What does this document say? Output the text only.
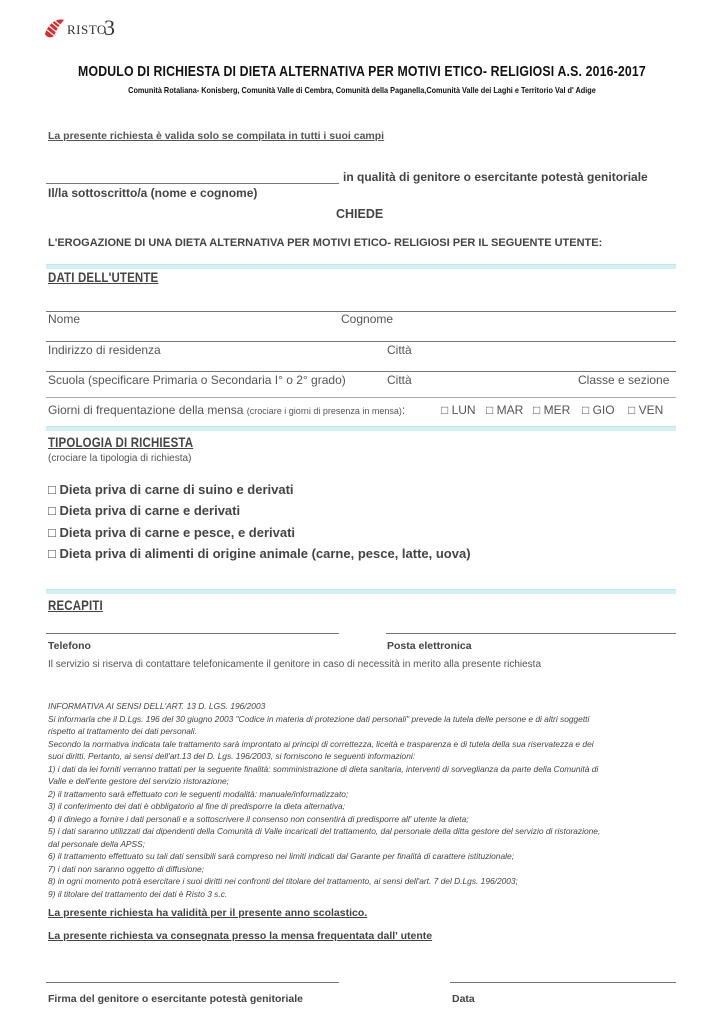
RISTO
3
MODULO DI RICHIESTA DI DIETA ALTERNATIVA PER MOTIVI ETICO- RELIGIOSI A.S. 2016-2017
Comunità Rotaliana- Konisberg, Comunità Valle di Cembra, Comunità della Paganella,Comunità Valle dei Laghi e Territorio Val d' Adige
La presente richiesta è valida solo se compilata in tutti i suoi campi
in qualità di genitore o esercitante potestà genitoriale
Il/la sottoscritto/a (nome e cognome)
CHIEDE
L'EROGAZIONE DI UNA DIETA ALTERNATIVA PER MOTIVI ETICO- RELIGIOSI PER IL SEGUENTE UTENTE:
DATI DELL'UTENTE
Nome	Cognome
Indirizzo di residenza	Città
Scuola (specificare Primaria o Secondaria I° o 2° grado)	Città	Classe e sezione
Giorni di frequentazione della mensa (crociare i giorni di presenza in mensa):	□ LUN □ MAR □ MER □ GIO □ VEN
TIPOLOGIA DI RICHIESTA
(crociare la tipologia di richiesta)
□ Dieta priva di carne di suino e derivati
□ Dieta priva di carne e derivati
□ Dieta priva di carne e pesce, e derivati
□ Dieta priva di alimenti di origine animale (carne, pesce, latte, uova)
RECAPITI
Telefono	Posta elettronica
Il servizio si riserva di contattare telefonicamente il genitore in caso di necessità in merito alla presente richiesta
INFORMATIVA AI SENSI DELL'ART. 13 D. LGS. 196/2003
Si informarla che il D.Lgs. 196 del 30 giugno 2003 "Codice in materia di protezione dati personali" prevede la tutela delle persone e di altri soggetti
rispetto al trattamento dei dati personali.
Secondo la normativa indicata tale trattamento sarà improntato ai principi di correttezza, liceità e trasparenza e di tutela della sua riservatezza e dei
suoi diritti. Pertanto, ai sensi dell'art.13 del D. Lgs. 196/2003, si forniscono le seguenti informazioni:
1) i dati da lei forniti verranno trattati per la seguente finalità: somministrazione di dieta sanitaria, interventi di sorveglianza da parte della Comunità di
Valle e dell'ente gestore del servizio ristorazione;
2) il trattamento sarà effettuato con le seguenti modalità: manuale/informatizzato;
3) il conferimento dei dati è obbligatorio al fine di predisporre la dieta alternativa;
4) il diniego a fornire i dati personali e a sottoscrivere il consenso non consentirà di predisporre all' utente la dieta;
5) i dati saranno utilizzati dai dipendenti della Comunità di Valle incaricati del trattamento, dal personale della ditta gestore del servizio di ristorazione,
dal personale della APSS;
6) il trattamento effettuato su tali dati sensibili sarà compreso nei limiti indicati dal Garante per finalità di carattere istituzionale;
7) i dati non saranno oggetto di diffusione;
8) in ogni momento potrà esercitare i suoi diritti nei confronti del titolare del trattamento, ai sensi dell'art. 7 del D.Lgs. 196/2003;
9) il titolare del trattamento dei dati è Risto 3 s.c.
La presente richiesta ha validità per il presente anno scolastico.
La presente richiesta va consegnata presso la mensa frequentata dall' utente
Firma del genitore o esercitante potestà genitoriale	Data
